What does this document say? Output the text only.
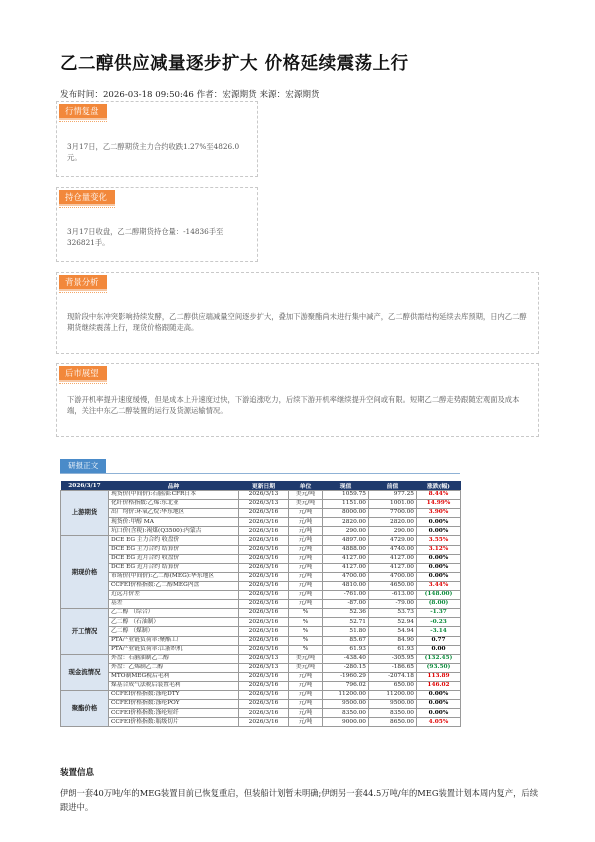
乙二醇供应减量逐步扩大 价格延续震荡上行
发布时间：2026-03-18 09:50:46 作者：宏源期货 来源：宏源期货
行情复盘
3月17日，乙二醇期货主力合约收跌1.27%至4826.0元。
持仓量变化
3月17日收盘，乙二醇期货持仓量：-14836手至326821手。
背景分析
现阶段中东冲突影响持续发酵，乙二醇供应端减量空间逐步扩大，叠加下游聚酯尚未进行集中减产，乙二醇供需结构延续去库预期，日内乙二醇期货继续震荡上行，现货价格跟随走高。
后市展望
下游开机率提升速度缓慢，但是成本上升速度过快，下游追涨吃力，后续下游开机率继续提升空间或有限。短期乙二醇走势跟随宏观面及成本端，关注中东乙二醇装置的运行及货源运输情况。
研报正文
2026/3/17	品种	更新日期	单位	现值	前值	涨跌(幅)
上游期货	现货价(中间价):石脑油:CFR日本	2026/3/13	美元/吨	1059.75	977.25	8.44%
	化纤价格指数:乙烯:东北亚	2026/3/13	美元/吨	1151.00	1001.00	14.99%
	出厂均价:环氧乙烷:华东地区	2026/3/16	元/吨	8000.00	7700.00	3.90%
	现货价:甲醇 MA	2026/3/16	元/吨	2820.00	2820.00	0.00%
	坑口价(含税):褐煤(Q3500):内蒙古	2026/3/16	元/吨	290.00	290.00	0.00%
期现价格	DCE EG 主力合约 收盘价	2026/3/16	元/吨	4897.00	4729.00	3.55%
	DCE EG 主力合约 结算价	2026/3/16	元/吨	4888.00	4740.00	3.12%
	DCE EG 近月合约 收盘价	2026/3/16	元/吨	4127.00	4127.00	0.00%
	DCE EG 近月合约 结算价	2026/3/16	元/吨	4127.00	4127.00	0.00%
	市场价(中间价):乙二醇(MEG):华东地区	2026/3/16	元/吨	4700.00	4700.00	0.00%
	CCFEI价格指数:乙二醇MEG内盘	2026/3/16	元/吨	4810.00	4650.00	3.44%
	近远月价差	2026/3/16	元/吨	-761.00	-613.00	(148.00)
	基差	2026/3/16	元/吨	-87.00	-79.00	(8.00)
开工情况	乙二醇 （综合）	2026/3/16	%	52.36	53.73	-1.37
	乙二醇 （石油制）	2026/3/16	%	52.71	52.94	-0.23
	乙二醇 （煤制）	2026/3/16	%	51.80	54.94	-3.14
	PTA产业链负荷率:聚酯工厂	2026/3/16	%	85.67	84.90	0.77
	PTA产业链负荷率:江浙织机	2026/3/16	%	61.93	61.93	0.00
现金流情况	外盘：石脑油制乙二醇	2026/3/13	美元/吨	-438.40	-305.95	(132.45)
	外盘：乙烯制乙二醇	2026/3/13	美元/吨	-280.15	-186.65	(93.50)
	MTO制MEG税后毛利	2026/3/16	元/吨	-1960.29	-2074.18	113.89
	煤基合成气法税后装置毛利	2026/3/16	元/吨	796.02	650.00	146.02
聚酯价格	CCFEI价格指数:涤纶DTY	2026/3/16	元/吨	11200.00	11200.00	0.00%
	CCFEI价格指数:涤纶POY	2026/3/16	元/吨	9500.00	9500.00	0.00%
	CCFEI价格指数:涤纶短纤	2026/3/16	元/吨	8350.00	8350.00	0.00%
	CCFEI价格指数:瓶级切片	2026/3/16	元/吨	9000.00	8650.00	4.05%
装置信息
伊朗一套40万吨/年的MEG装置目前已恢复重启，但装船计划暂未明确;伊朗另一套44.5万吨/年的MEG装置计划本周内复产，后续跟进中。
